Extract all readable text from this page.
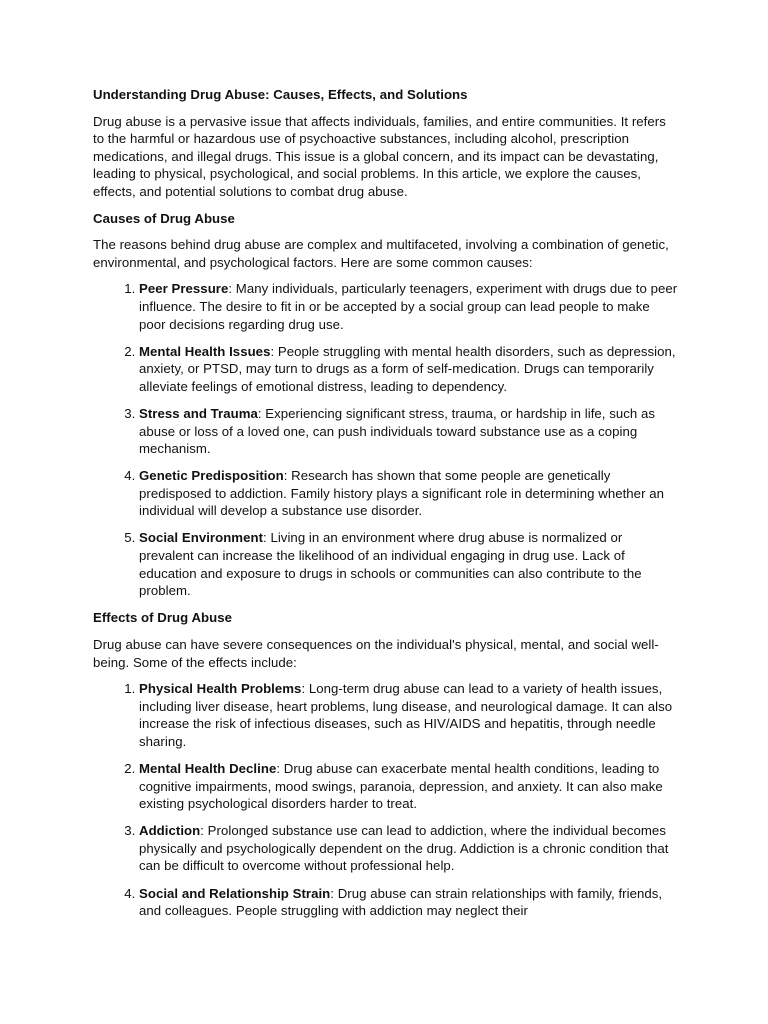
Understanding Drug Abuse: Causes, Effects, and Solutions

Drug abuse is a pervasive issue that affects individuals, families, and entire communities. It refers to the harmful or hazardous use of psychoactive substances, including alcohol, prescription medications, and illegal drugs. This issue is a global concern, and its impact can be devastating, leading to physical, psychological, and social problems. In this article, we explore the causes, effects, and potential solutions to combat drug abuse.

Causes of Drug Abuse

The reasons behind drug abuse are complex and multifaceted, involving a combination of genetic, environmental, and psychological factors. Here are some common causes:

1. Peer Pressure: Many individuals, particularly teenagers, experiment with drugs due to peer influence. The desire to fit in or be accepted by a social group can lead people to make poor decisions regarding drug use.
2. Mental Health Issues: People struggling with mental health disorders, such as depression, anxiety, or PTSD, may turn to drugs as a form of self-medication. Drugs can temporarily alleviate feelings of emotional distress, leading to dependency.
3. Stress and Trauma: Experiencing significant stress, trauma, or hardship in life, such as abuse or loss of a loved one, can push individuals toward substance use as a coping mechanism.
4. Genetic Predisposition: Research has shown that some people are genetically predisposed to addiction. Family history plays a significant role in determining whether an individual will develop a substance use disorder.
5. Social Environment: Living in an environment where drug abuse is normalized or prevalent can increase the likelihood of an individual engaging in drug use. Lack of education and exposure to drugs in schools or communities can also contribute to the problem.
Effects of Drug Abuse

Drug abuse can have severe consequences on the individual's physical, mental, and social well-being. Some of the effects include:

1. Physical Health Problems: Long-term drug abuse can lead to a variety of health issues, including liver disease, heart problems, lung disease, and neurological damage. It can also increase the risk of infectious diseases, such as HIV/AIDS and hepatitis, through needle sharing.
2. Mental Health Decline: Drug abuse can exacerbate mental health conditions, leading to cognitive impairments, mood swings, paranoia, depression, and anxiety. It can also make existing psychological disorders harder to treat.
3. Addiction: Prolonged substance use can lead to addiction, where the individual becomes physically and psychologically dependent on the drug. Addiction is a chronic condition that can be difficult to overcome without professional help.
4. Social and Relationship Strain: Drug abuse can strain relationships with family, friends, and colleagues. People struggling with addiction may neglect their
